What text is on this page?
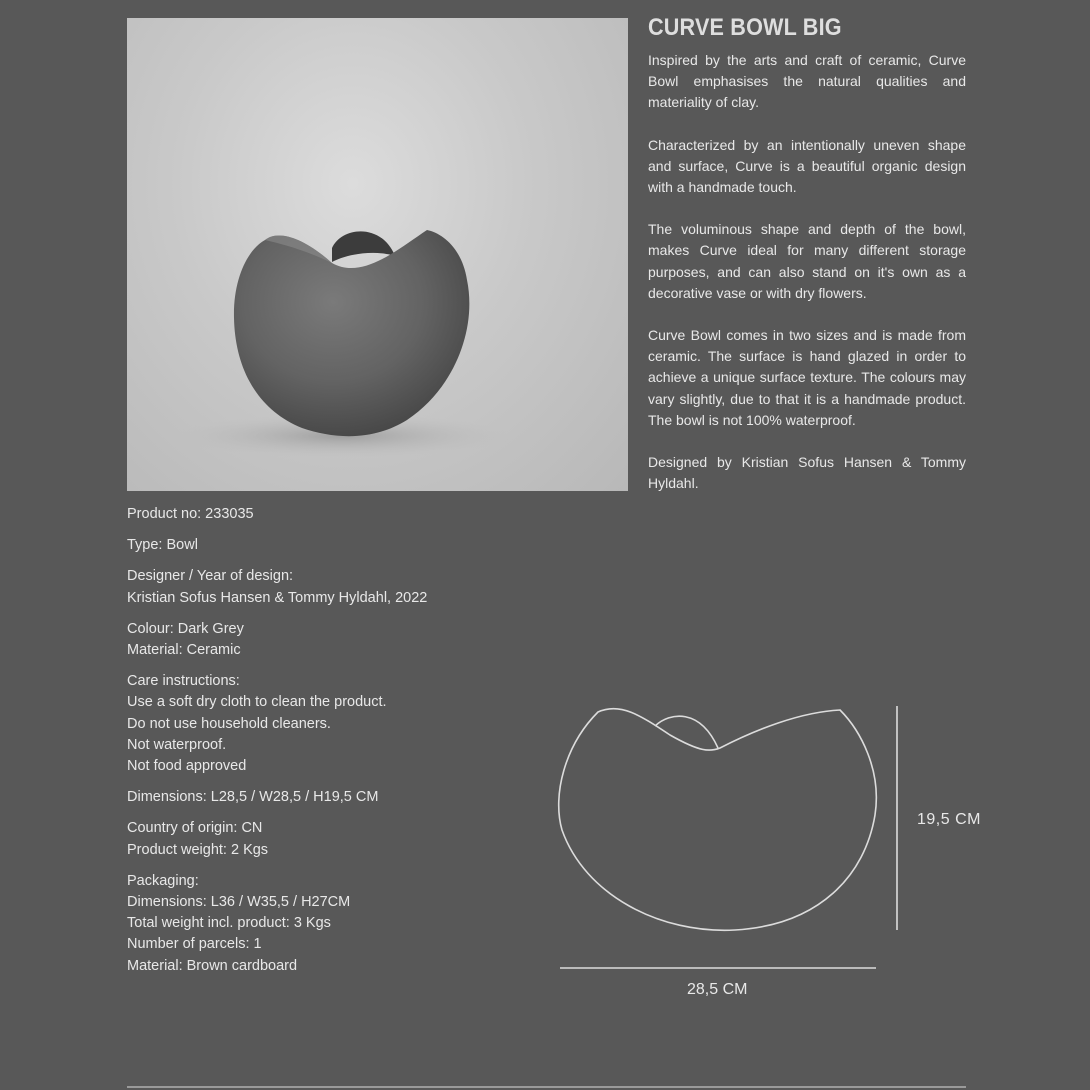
CURVE BOWL BIG

Inspired by the arts and craft of ceramic, Curve Bowl emphasises the natural qualities and materiality of clay.

Characterized by an intentionally uneven shape and surface, Curve is a beautiful organic design with a handmade touch.

The voluminous shape and depth of the bowl, makes Curve ideal for many different storage purposes, and can also stand on it's own as a decorative vase or with dry flowers.

Curve Bowl comes in two sizes and is made from ceramic. The surface is hand glazed in order to achieve a unique surface texture. The colours may vary slightly, due to that it is a handmade product. The bowl is not 100% waterproof.

Designed by Kristian Sofus Hansen & Tommy Hyldahl.

Product no: 233035
Type: Bowl
Designer / Year of design:
Kristian Sofus Hansen & Tommy Hyldahl, 2022
Colour: Dark Grey
Material: Ceramic
Care instructions:
Use a soft dry cloth to clean the product.
Do not use household cleaners.
Not waterproof.
Not food approved
Dimensions: L28,5 / W28,5 / H19,5 CM
Country of origin: CN
Product weight: 2 Kgs
Packaging:
Dimensions: L36 / W35,5 / H27CM
Total weight incl. product: 3 Kgs
Number of parcels: 1
Material: Brown cardboard
19,5 CM
28,5 CM
